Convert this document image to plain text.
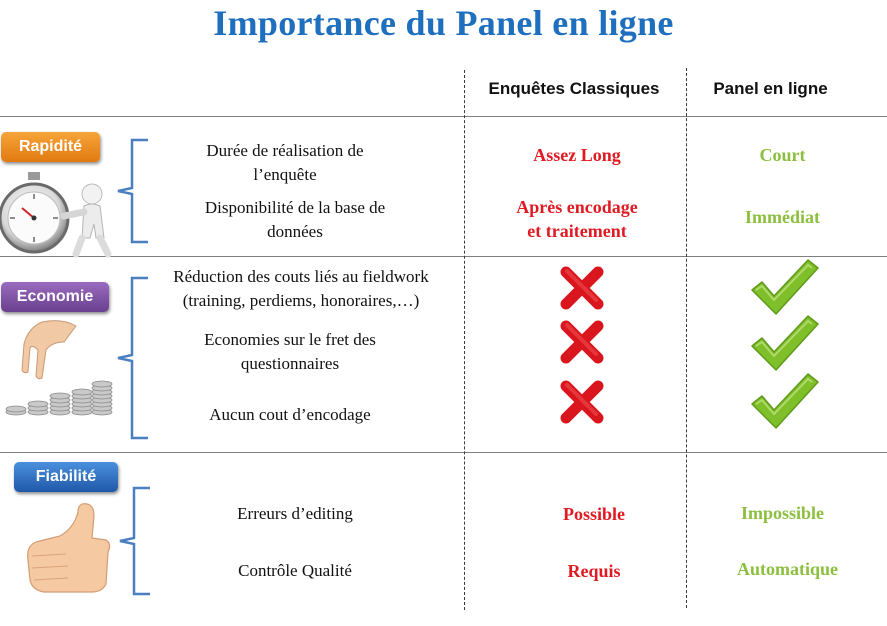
Importance du Panel en ligne
Enquêtes Classiques	Panel en ligne
Rapidité	Durée de réalisation de
l’enquête
Disponibilité de la base de
données
Assez Long
Après encodage
et traitement
Court
Immédiat
Economie
Réduction des couts liés au fieldwork
(training, perdiems, honoraires,…)
Economies sur le fret des
questionnaires
Aucun cout d’encodage
Fiabilité
Erreurs d’editing
Contrôle Qualité
Possible
Requis
Impossible
Automatique
